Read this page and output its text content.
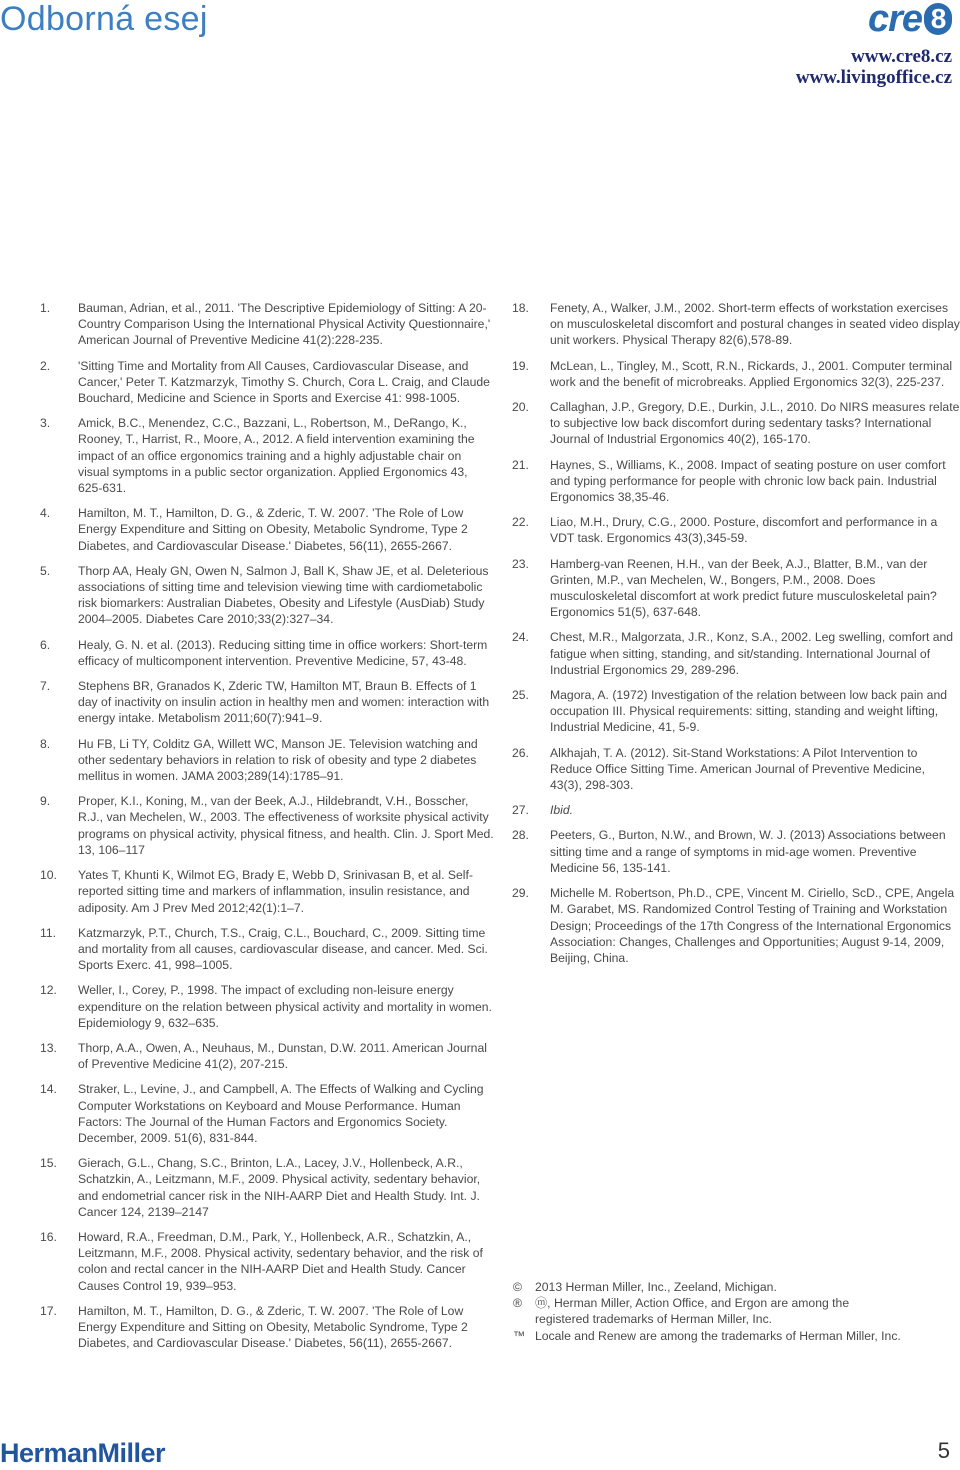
Odborná esej	cre 8
www.cre8.cz
www.livingoffice.cz
1.	Bauman, Adrian, et al., 2011. 'The Descriptive Epidemiology of Sitting: A 20-Country Comparison Using the International Physical Activity Questionnaire,' American Journal of Preventive Medicine 41(2):228-235.
2.	'Sitting Time and Mortality from All Causes, Cardiovascular Disease, and Cancer,' Peter T. Katzmarzyk, Timothy S. Church, Cora L. Craig, and Claude Bouchard, Medicine and Science in Sports and Exercise 41: 998-1005.
3.	Amick, B.C., Menendez, C.C., Bazzani, L., Robertson, M., DeRango, K., Rooney, T., Harrist, R., Moore, A., 2012. A field intervention examining the impact of an office ergonomics training and a highly adjustable chair on visual symptoms in a public sector organization. Applied Ergonomics 43, 625-631.
4.	Hamilton, M. T., Hamilton, D. G., & Zderic, T. W. 2007. 'The Role of Low Energy Expenditure and Sitting on Obesity, Metabolic Syndrome, Type 2 Diabetes, and Cardiovascular Disease.' Diabetes, 56(11), 2655-2667.
5.	Thorp AA, Healy GN, Owen N, Salmon J, Ball K, Shaw JE, et al. Deleterious associations of sitting time and television viewing time with cardiometabolic risk biomarkers: Australian Diabetes, Obesity and Lifestyle (AusDiab) Study 2004–2005. Diabetes Care 2010;33(2):327–34.
6.	Healy, G. N. et al. (2013). Reducing sitting time in office workers: Short-term efficacy of multicomponent intervention. Preventive Medicine, 57, 43-48.
7.	Stephens BR, Granados K, Zderic TW, Hamilton MT, Braun B. Effects of 1 day of inactivity on insulin action in healthy men and women: interaction with energy intake. Metabolism 2011;60(7):941–9.
8.	Hu FB, Li TY, Colditz GA, Willett WC, Manson JE. Television watching and other sedentary behaviors in relation to risk of obesity and type 2 diabetes mellitus in women. JAMA 2003;289(14):1785–91.
9.	Proper, K.I., Koning, M., van der Beek, A.J., Hildebrandt, V.H., Bosscher, R.J., van Mechelen, W., 2003. The effectiveness of worksite physical activity programs on physical activity, physical fitness, and health. Clin. J. Sport Med. 13, 106–117
10.	Yates T, Khunti K, Wilmot EG, Brady E, Webb D, Srinivasan B, et al. Self-reported sitting time and markers of inflammation, insulin resistance, and adiposity. Am J Prev Med 2012;42(1):1–7.
11.	Katzmarzyk, P.T., Church, T.S., Craig, C.L., Bouchard, C., 2009. Sitting time and mortality from all causes, cardiovascular disease, and cancer. Med. Sci. Sports Exerc. 41, 998–1005.
12.	Weller, I., Corey, P., 1998. The impact of excluding non-leisure energy expenditure on the relation between physical activity and mortality in women. Epidemiology 9, 632–635.
13.	Thorp, A.A., Owen, A., Neuhaus, M., Dunstan, D.W. 2011. American Journal of Preventive Medicine 41(2), 207-215.
14.	Straker, L., Levine, J., and Campbell, A. The Effects of Walking and Cycling Computer Workstations on Keyboard and Mouse Performance. Human Factors: The Journal of the Human Factors and Ergonomics Society. December, 2009. 51(6), 831-844.
15.	Gierach, G.L., Chang, S.C., Brinton, L.A., Lacey, J.V., Hollenbeck, A.R., Schatzkin, A., Leitzmann, M.F., 2009. Physical activity, sedentary behavior, and endometrial cancer risk in the NIH-AARP Diet and Health Study. Int. J. Cancer 124, 2139–2147
16.	Howard, R.A., Freedman, D.M., Park, Y., Hollenbeck, A.R., Schatzkin, A., Leitzmann, M.F., 2008. Physical activity, sedentary behavior, and the risk of colon and rectal cancer in the NIH-AARP Diet and Health Study. Cancer Causes Control 19, 939–953.
17.	Hamilton, M. T., Hamilton, D. G., & Zderic, T. W. 2007. 'The Role of Low Energy Expenditure and Sitting on Obesity, Metabolic Syndrome, Type 2 Diabetes, and Cardiovascular Disease.' Diabetes, 56(11), 2655-2667.
18.	Fenety, A., Walker, J.M., 2002. Short-term effects of workstation exercises on musculoskeletal discomfort and postural changes in seated video display unit workers. Physical Therapy 82(6),578-89.
19.	McLean, L., Tingley, M., Scott, R.N., Rickards, J., 2001. Computer terminal work and the benefit of microbreaks. Applied Ergonomics 32(3), 225-237.
20.	Callaghan, J.P., Gregory, D.E., Durkin, J.L., 2010. Do NIRS measures relate to subjective low back discomfort during sedentary tasks? International Journal of Industrial Ergonomics 40(2), 165-170.
21.	Haynes, S., Williams, K., 2008. Impact of seating posture on user comfort and typing performance for people with chronic low back pain. Industrial Ergonomics 38,35-46.
22.	Liao, M.H., Drury, C.G., 2000. Posture, discomfort and performance in a VDT task. Ergonomics 43(3),345-59.
23.	Hamberg-van Reenen, H.H., van der Beek, A.J., Blatter, B.M., van der Grinten, M.P., van Mechelen, W., Bongers, P.M., 2008. Does musculoskeletal discomfort at work predict future musculoskeletal pain? Ergonomics 51(5), 637-648.
24.	Chest, M.R., Malgorzata, J.R., Konz, S.A., 2002. Leg swelling, comfort and fatigue when sitting, standing, and sit/standing. International Journal of Industrial Ergonomics 29, 289-296.
25.	Magora, A. (1972) Investigation of the relation between low back pain and occupation III. Physical requirements: sitting, standing and weight lifting, Industrial Medicine, 41, 5-9.
26.	Alkhajah, T. A. (2012). Sit-Stand Workstations: A Pilot Intervention to Reduce Office Sitting Time. American Journal of Preventive Medicine, 43(3), 298-303.
27.	Ibid.
28.	Peeters, G., Burton, N.W., and Brown, W. J. (2013) Associations between sitting time and a range of symptoms in mid-age women. Preventive Medicine 56, 135-141.
29.	Michelle M. Robertson, Ph.D., CPE, Vincent M. Ciriello, ScD., CPE, Angela M. Garabet, MS. Randomized Control Testing of Training and Workstation Design; Proceedings of the 17th Congress of the International Ergonomics Association: Changes, Challenges and Opportunities; August 9-14, 2009, Beijing, China.
©	2013 Herman Miller, Inc., Zeeland, Michigan.
®	ⓜ, Herman Miller, Action Office, and Ergon are among the
registered trademarks of Herman Miller, Inc.
™ Locale and Renew are among the trademarks of Herman Miller, Inc.
HermanMiller	5
